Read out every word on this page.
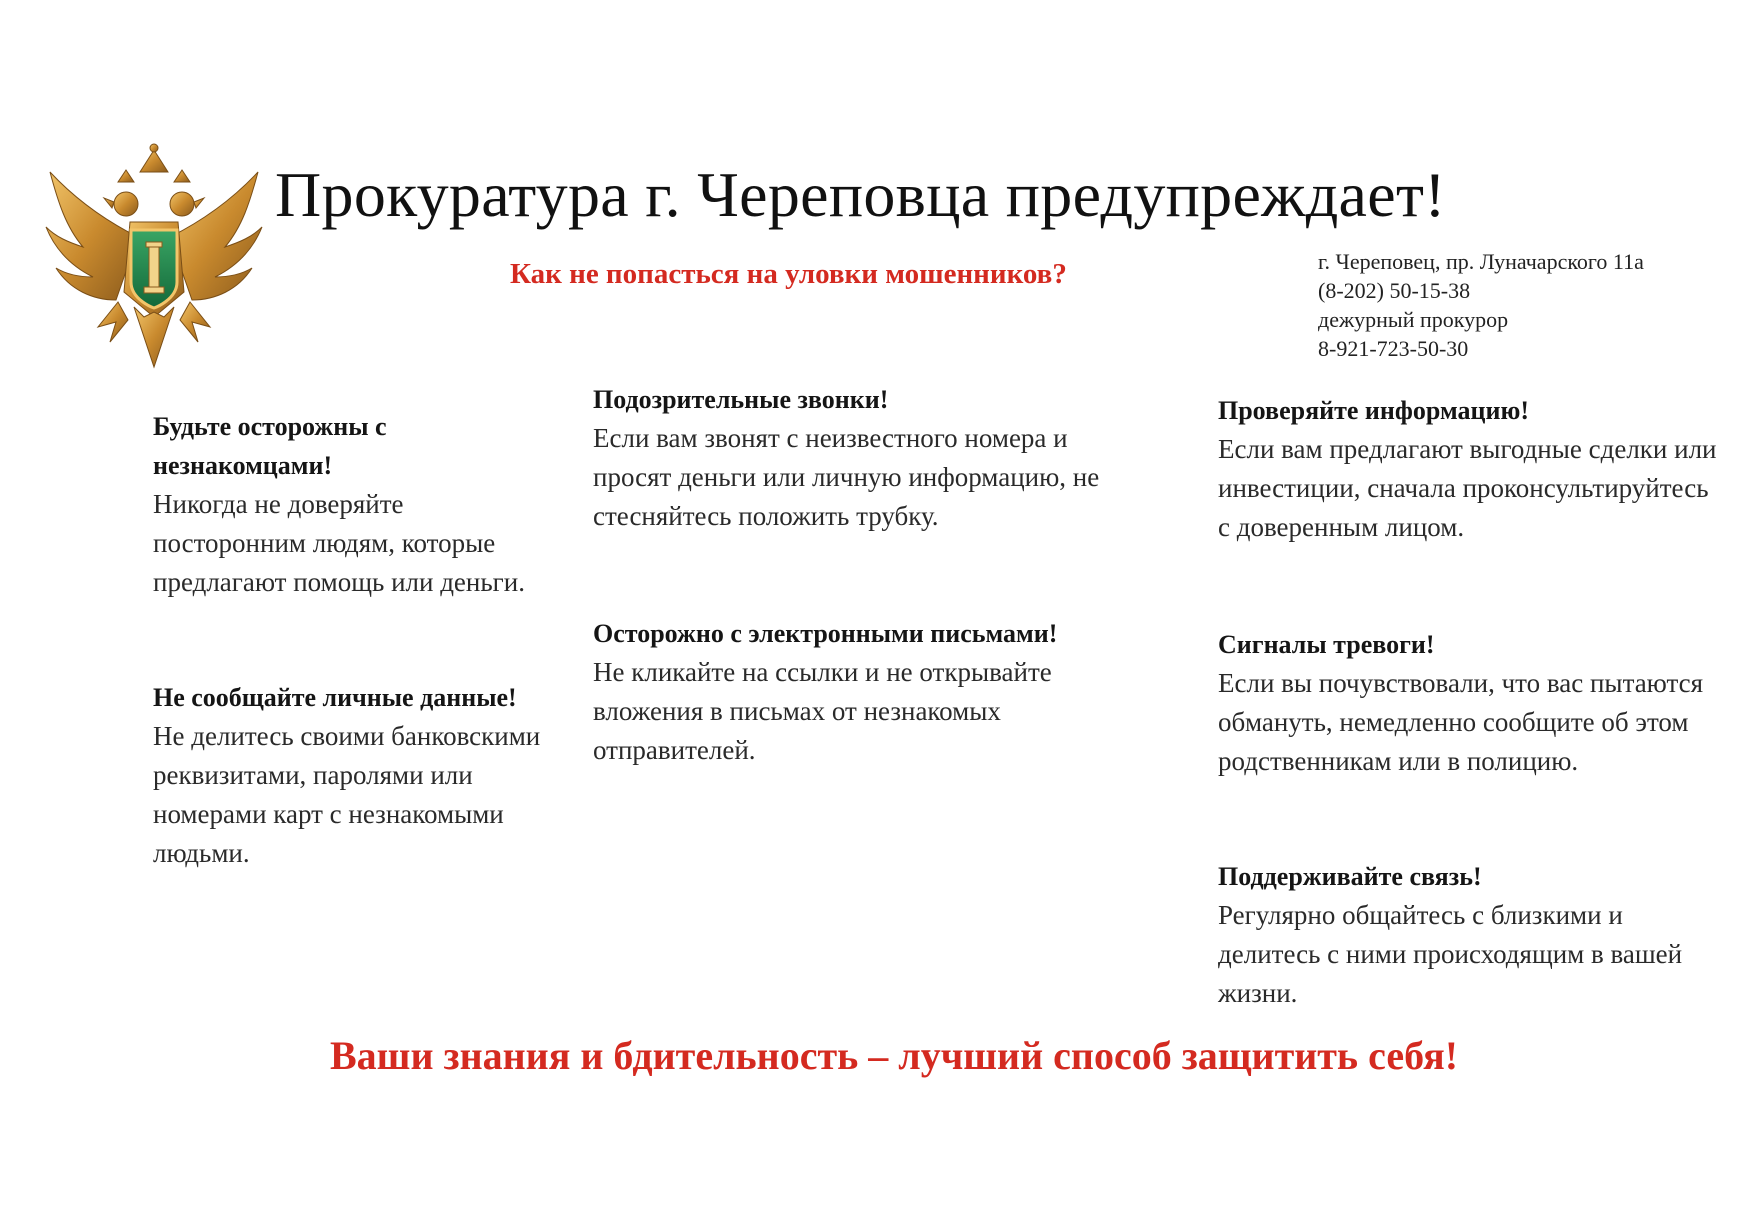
Прокуратура г. Череповца предупреждает!
Как не попасться на уловки мошенников?	г. Череповец, пр. Луначарского 11а
(8-202) 50-15-38
дежурный прокурор
8-921-723-50-30
Будьте осторожны с незнакомцами!
Никогда не доверяйте посторонним людям, которые предлагают помощь или деньги.
Не сообщайте личные данные!
Не делитесь своими банковскими реквизитами, паролями или номерами карт с незнакомыми людьми.
Подозрительные звонки!
Если вам звонят с неизвестного номера и просят деньги или личную информацию, не стесняйтесь положить трубку.
Осторожно с электронными письмами!
Не кликайте на ссылки и не открывайте вложения в письмах от незнакомых отправителей.
Проверяйте информацию!
Если вам предлагают выгодные сделки или инвестиции, сначала проконсультируйтесь с доверенным лицом.
Сигналы тревоги!
Если вы почувствовали, что вас пытаются обмануть, немедленно сообщите об этом родственникам или в полицию.
Поддерживайте связь!
Регулярно общайтесь с близкими и делитесь с ними происходящим в вашей жизни.
Ваши знания и бдительность – лучший способ защитить себя!
